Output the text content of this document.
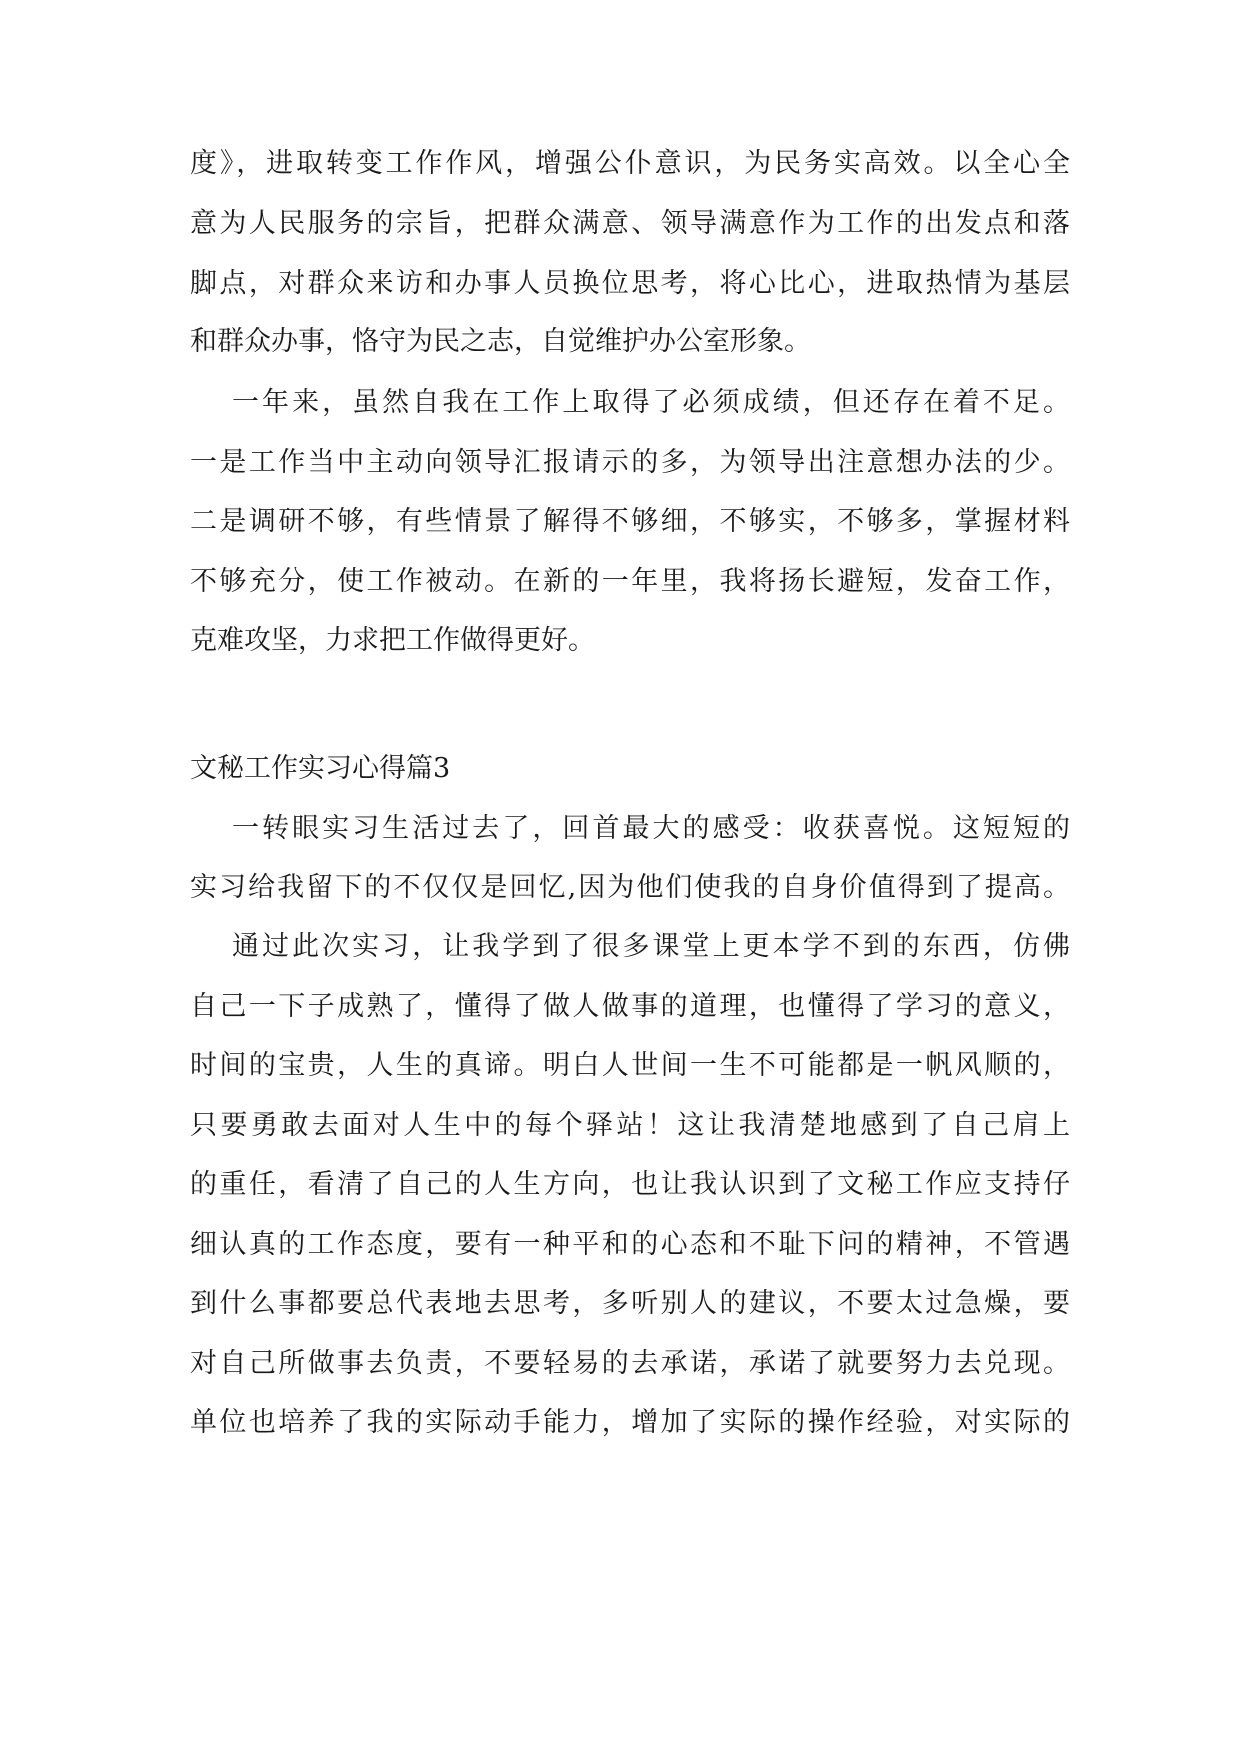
度》，进取转变工作作风，增强公仆意识，为民务实高效。以全心全

意为人民服务的宗旨，把群众满意、领导满意作为工作的出发点和落

脚点，对群众来访和办事人员换位思考，将心比心，进取热情为基层

和群众办事，恪守为民之志，自觉维护办公室形象。

一年来，虽然自我在工作上取得了必须成绩，但还存在着不足。

一是工作当中主动向领导汇报请示的多，为领导出注意想办法的少。

二是调研不够，有些情景了解得不够细，不够实，不够多，掌握材料

不够充分，使工作被动。在新的一年里，我将扬长避短，发奋工作，

克难攻坚，力求把工作做得更好。

文秘工作实习心得篇3

一转眼实习生活过去了，回首最大的感受：收获喜悦。这短短的

实习给我留下的不仅仅是回忆,因为他们使我的自身价值得到了提高。

通过此次实习，让我学到了很多课堂上更本学不到的东西，仿佛

自己一下子成熟了，懂得了做人做事的道理，也懂得了学习的意义，

时间的宝贵，人生的真谛。明白人世间一生不可能都是一帆风顺的，

只要勇敢去面对人生中的每个驿站！这让我清楚地感到了自己肩上

的重任，看清了自己的人生方向，也让我认识到了文秘工作应支持仔

细认真的工作态度，要有一种平和的心态和不耻下问的精神，不管遇

到什么事都要总代表地去思考，多听别人的建议，不要太过急燥，要

对自己所做事去负责，不要轻易的去承诺，承诺了就要努力去兑现。

单位也培养了我的实际动手能力，增加了实际的操作经验，对实际的
